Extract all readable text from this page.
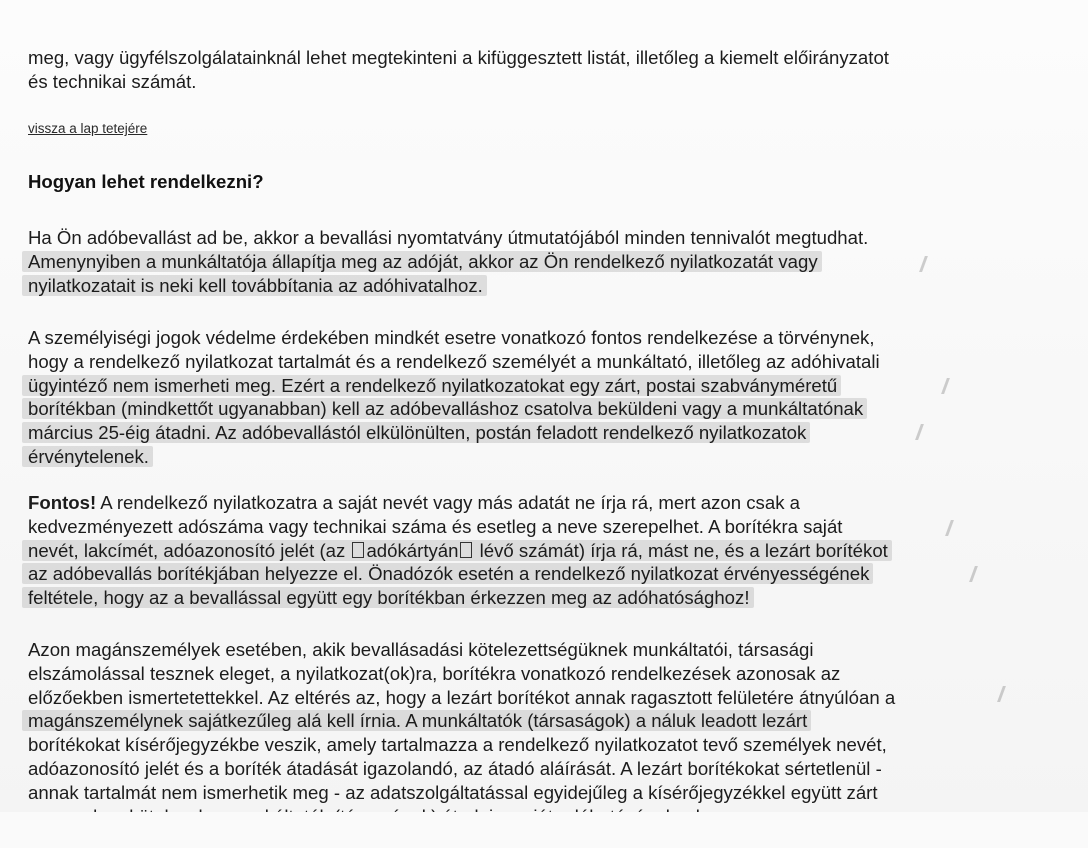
meg, vagy ügyfélszolgálatainknál lehet megtekinteni a kifüggesztett listát, illetőleg a kiemelt előirányzatot
és technikai számát.
vissza a lap tetejére
Hogyan lehet rendelkezni?
Ha Ön adóbevallást ad be, akkor a bevallási nyomtatvány útmutatójából minden tennivalót megtudhat.
Amenynyiben a munkáltatója állapítja meg az adóját, akkor az Ön rendelkező nyilatkozatát vagy
nyilatkozatait is neki kell továbbítania az adóhivatalhoz.
A személyiségi jogok védelme érdekében mindkét esetre vonatkozó fontos rendelkezése a törvénynek,
hogy a rendelkező nyilatkozat tartalmát és a rendelkező személyét a munkáltató, illetőleg az adóhivatali
ügyintéző nem ismerheti meg. Ezért a rendelkező nyilatkozatokat egy zárt, postai szabványméretű
borítékban (mindkettőt ugyanabban) kell az adóbevalláshoz csatolva beküldeni vagy a munkáltatónak
március 25-éig átadni. Az adóbevallástól elkülönülten, postán feladott rendelkező nyilatkozatok
érvénytelenek.
Fontos! A rendelkező nyilatkozatra a saját nevét vagy más adatát ne írja rá, mert azon csak a
kedvezményezett adószáma vagy technikai száma és esetleg a neve szerepelhet. A borítékra saját
nevét, lakcímét, adóazonosító jelét (az adókártyán lévő számát) írja rá, mást ne, és a lezárt borítékot
az adóbevallás borítékjában helyezze el. Önadózók esetén a rendelkező nyilatkozat érvényességének
feltétele, hogy az a bevallással együtt egy borítékban érkezzen meg az adóhatósághoz!
Azon magánszemélyek esetében, akik bevallásadási kötelezettségüknek munkáltatói, társasági
elszámolással tesznek eleget, a nyilatkozat(ok)ra, borítékra vonatkozó rendelkezések azonosak az
előzőekben ismertetettekkel. Az eltérés az, hogy a lezárt borítékot annak ragasztott felületére átnyúlóan a
magánszemélynek sajátkezűleg alá kell írnia. A munkáltatók (társaságok) a náluk leadott lezárt
borítékokat kísérőjegyzékbe veszik, amely tartalmazza a rendelkező nyilatkozatot tevő személyek nevét,
adóazonosító jelét és a boríték átadását igazolandó, az átadó aláírását. A lezárt borítékokat sértetlenül -
annak tartalmát nem ismerhetik meg - az adatszolgáltatással egyidejűleg a kísérőjegyzékkel együtt zárt
